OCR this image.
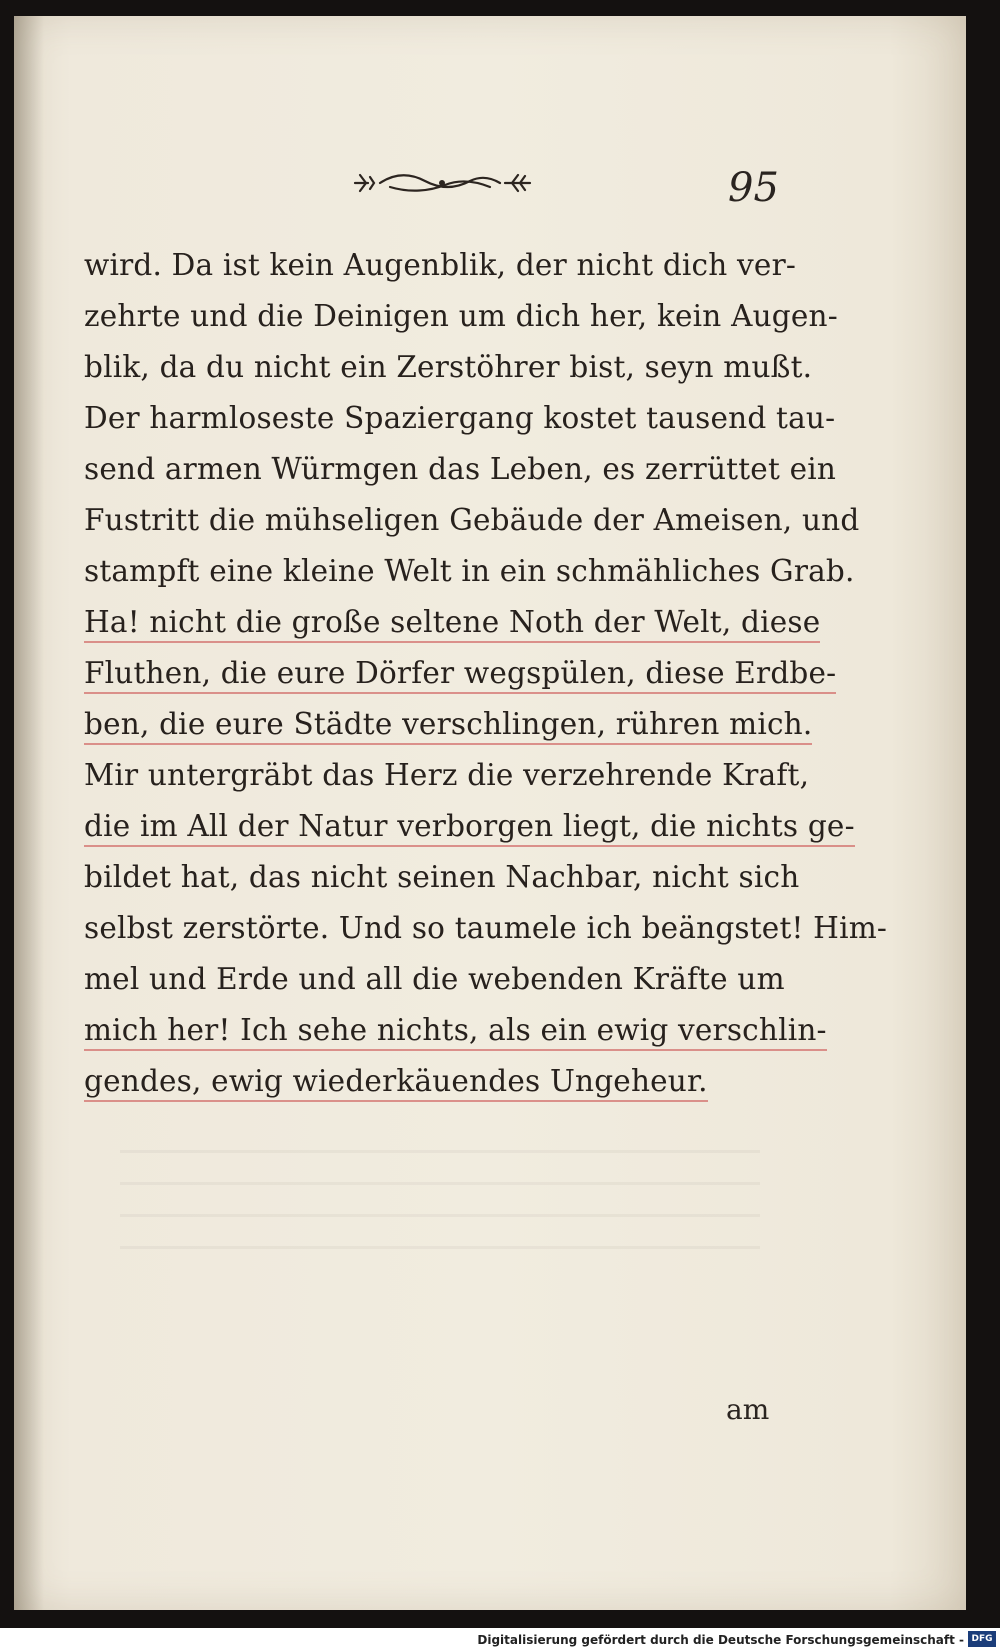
95
wird. Da ist kein Augenblik, der nicht dich ver-
zehrte und die Deinigen um dich her, kein Augen-
blik, da du nicht ein Zerstöhrer bist, seyn mußt.
Der harmloseste Spaziergang kostet tausend tau-
send armen Würmgen das Leben, es zerrüttet ein
Fustritt die mühseligen Gebäude der Ameisen, und
stampft eine kleine Welt in ein schmähliches Grab.
Ha! nicht die große seltene Noth der Welt, diese
Fluthen, die eure Dörfer wegspülen, diese Erdbe-
ben, die eure Städte verschlingen, rühren mich.
Mir untergräbt das Herz die verzehrende Kraft,
die im All der Natur verborgen liegt, die nichts ge-
bildet hat, das nicht seinen Nachbar, nicht sich
selbst zerstörte. Und so taumele ich beängstet! Him-
mel und Erde und all die webenden Kräfte um
mich her! Ich sehe nichts, als ein ewig verschlin-
gendes, ewig wiederkäuendes Ungeheur.
am
Digitalisierung gefördert durch die Deutsche Forschungsgemeinschaft - DFG
